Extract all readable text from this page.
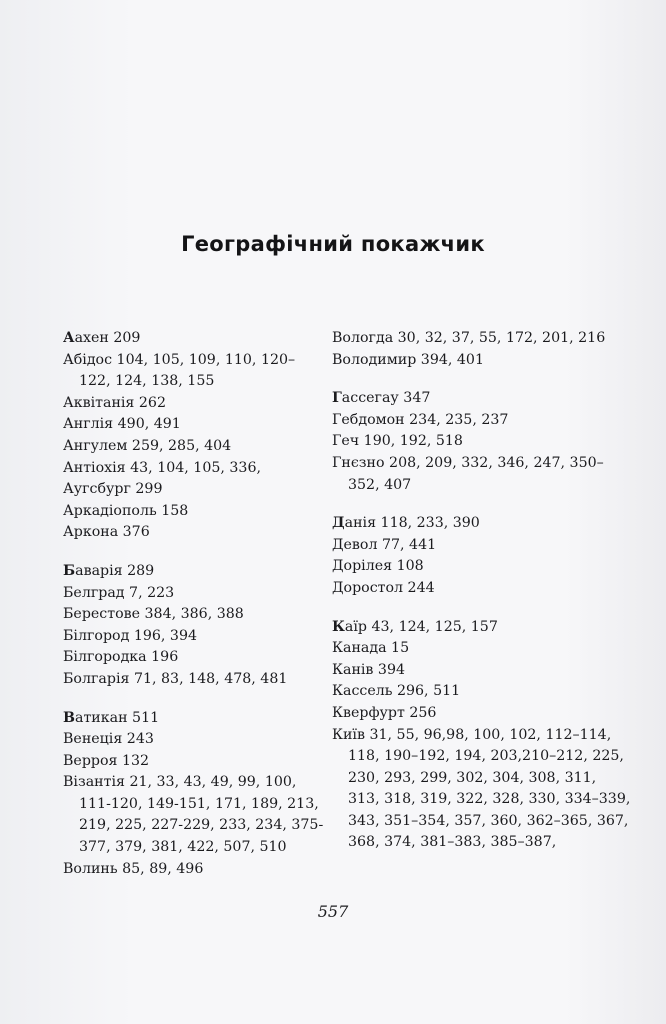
Географічний покажчик
Аахен 209
Абідос 104, 105, 109, 110, 120–122, 124, 138, 155
Аквітанія 262
Англія 490, 491
Ангулем 259, 285, 404
Антіохія 43, 104, 105, 336,
Аугсбург 299
Аркадіополь 158
Аркона 376
Баварія 289
Белград 7, 223
Берестове 384, 386, 388
Білгород 196, 394
Білгородка 196
Болгарія 71, 83, 148, 478, 481
Ватикан 511
Венеція 243
Верроя 132
Візантія 21, 33, 43, 49, 99, 100, 111-120, 149-151, 171, 189, 213, 219, 225, 227-229, 233, 234, 375-377, 379, 381, 422, 507, 510
Волинь 85, 89, 496
Вологда 30, 32, 37, 55, 172, 201, 216
Володимир 394, 401
Гассегау 347
Гебдомон 234, 235, 237
Геч 190, 192, 518
Гнєзно 208, 209, 332, 346, 247, 350–352, 407
Данія 118, 233, 390
Девол 77, 441
Дорілея 108
Доростол 244
Каїр 43, 124, 125, 157
Канада 15
Канів 394
Кассель 296, 511
Кверфурт 256
Київ 31, 55, 96,98, 100, 102, 112–114, 118, 190–192, 194, 203,210–212, 225, 230, 293, 299, 302, 304, 308, 311, 313, 318, 319, 322, 328, 330, 334–339, 343, 351–354, 357, 360, 362–365, 367, 368, 374, 381–383, 385–387,
557
